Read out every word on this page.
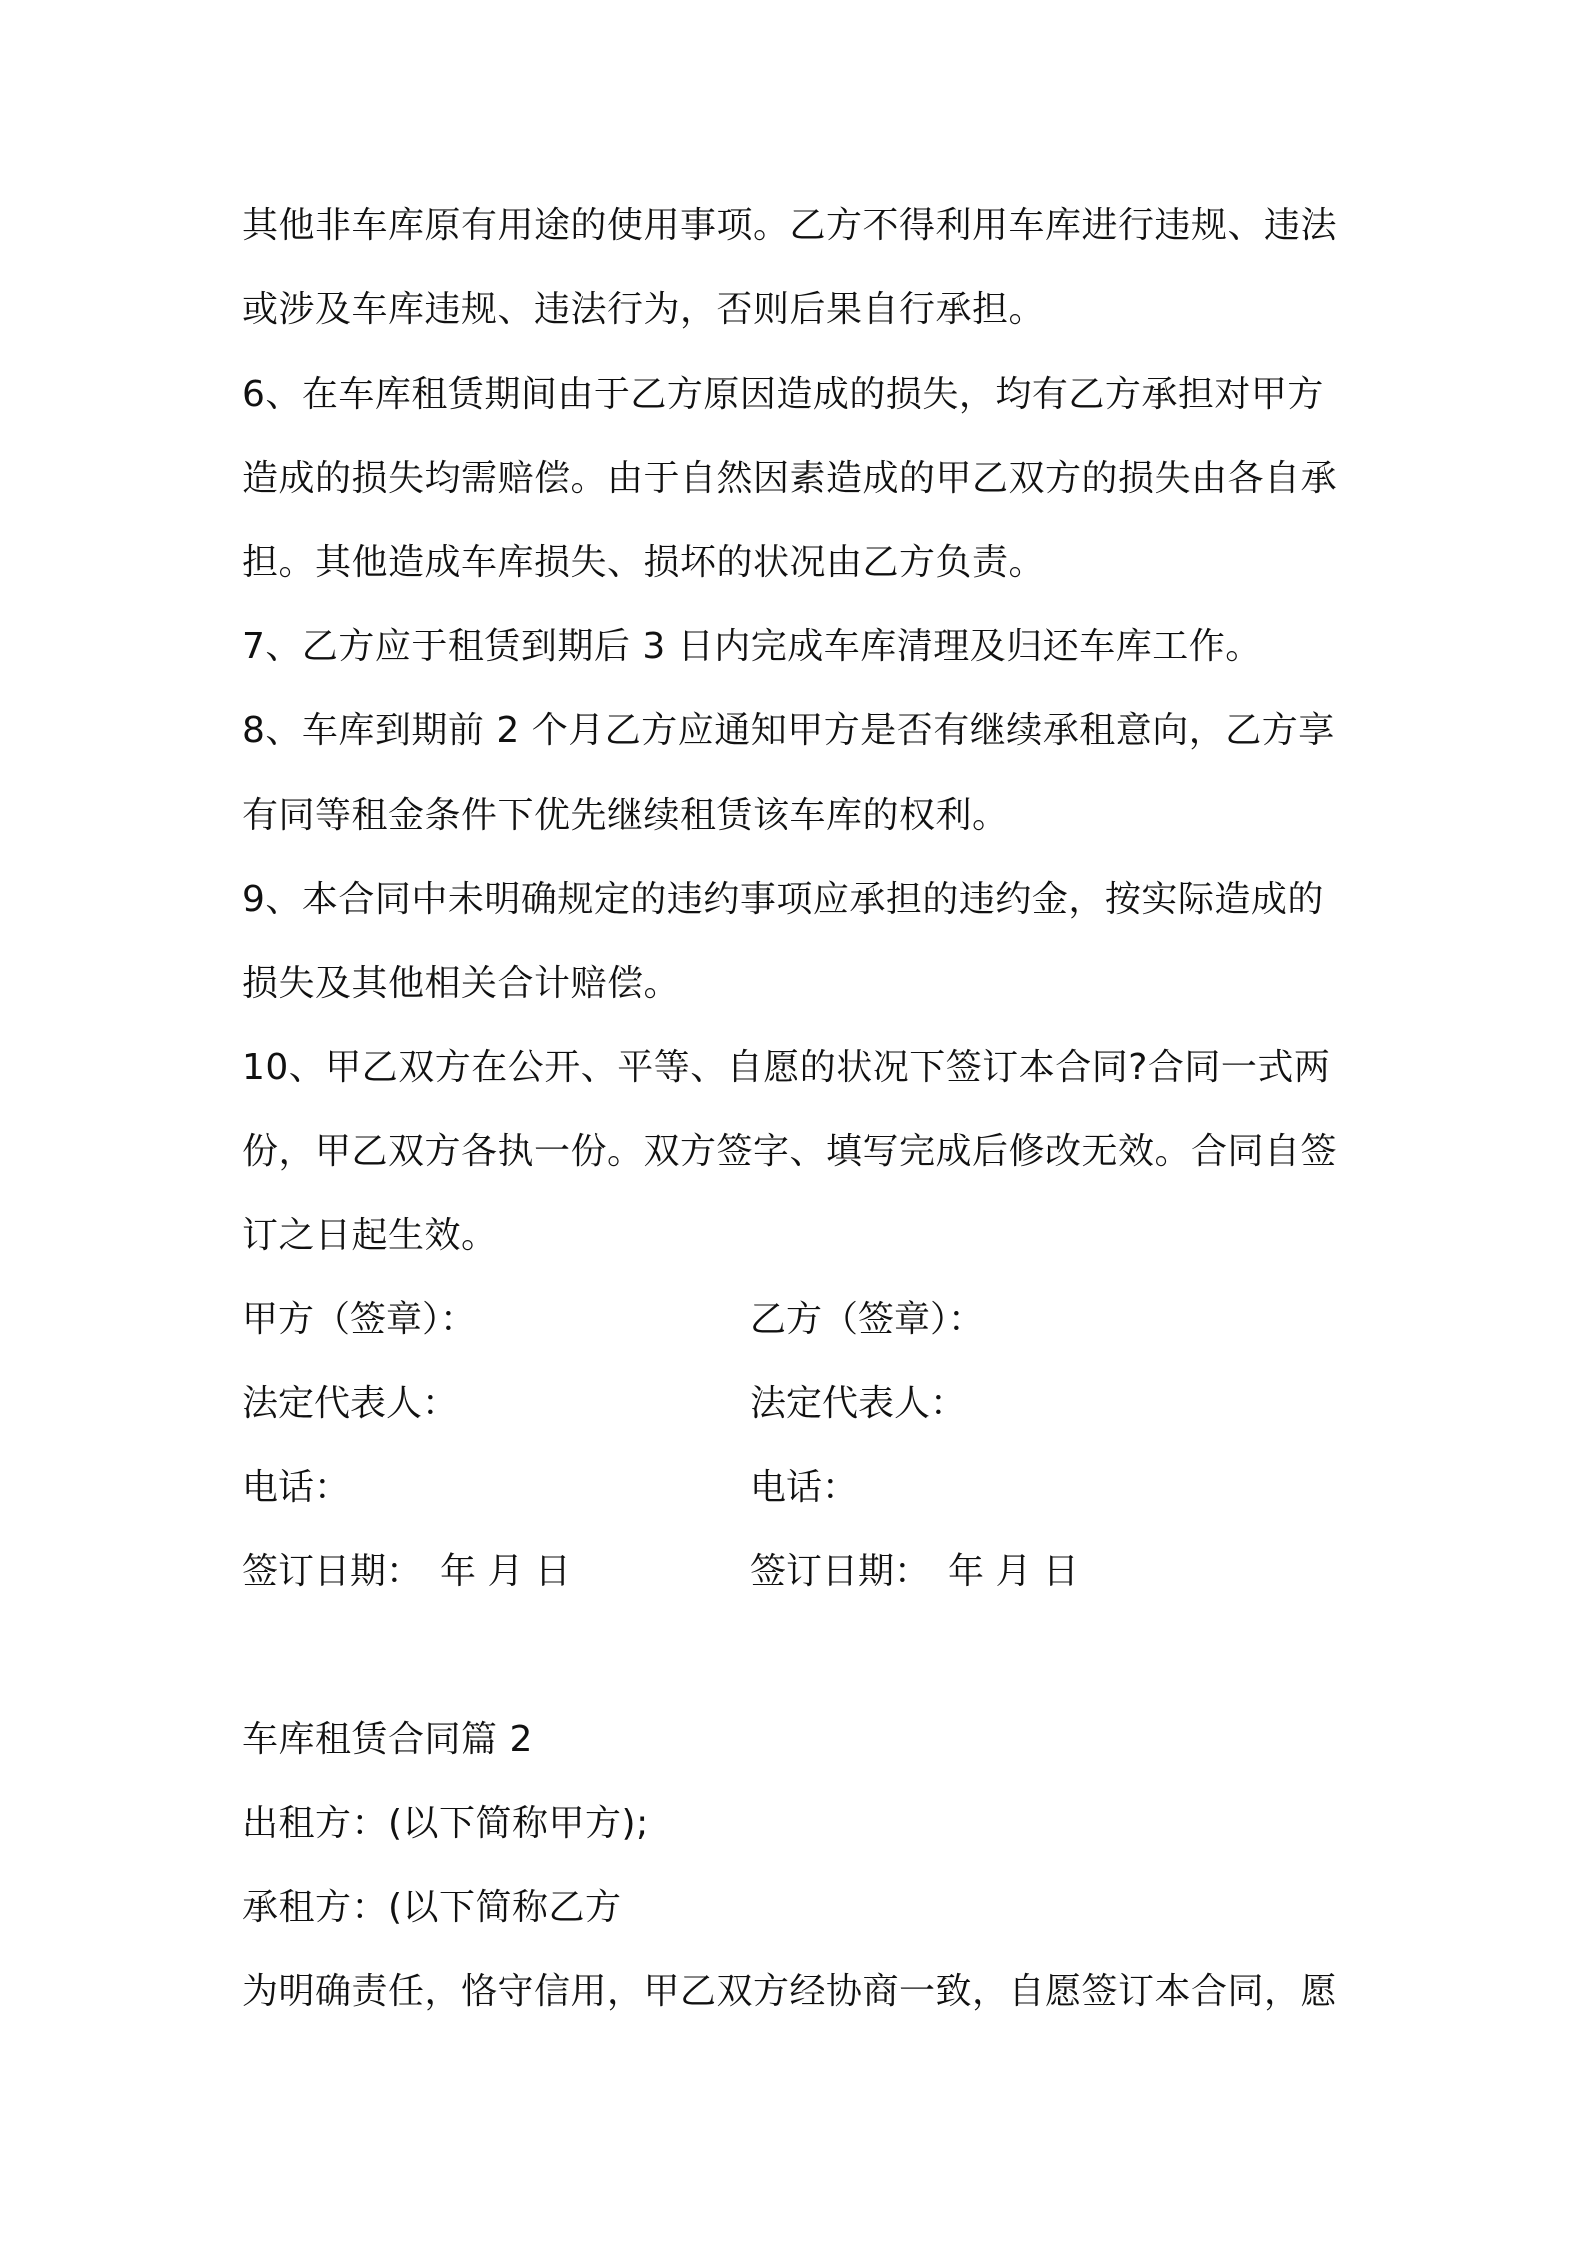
其他非车库原有用途的使用事项。乙方不得利用车库进行违规、违法
或涉及车库违规、违法行为，否则后果自行承担。
6、在车库租赁期间由于乙方原因造成的损失，均有乙方承担对甲方
造成的损失均需赔偿。由于自然因素造成的甲乙双方的损失由各自承
担。其他造成车库损失、损坏的状况由乙方负责。
7、乙方应于租赁到期后 3 日内完成车库清理及归还车库工作。
8、车库到期前 2 个月乙方应通知甲方是否有继续承租意向，乙方享
有同等租金条件下优先继续租赁该车库的权利。
9、本合同中未明确规定的违约事项应承担的违约金，按实际造成的
损失及其他相关合计赔偿。
10、甲乙双方在公开、平等、自愿的状况下签订本合同?合同一式两
份，甲乙双方各执一份。双方签字、填写完成后修改无效。合同自签
订之日起生效。
甲方（签章）：	乙方（签章）：
法定代表人：	法定代表人：
电话：	电话：
签订日期：　年 月 日	签订日期：　年 月 日
车库租赁合同篇 2
出租方：(以下简称甲方);
承租方：(以下简称乙方
为明确责任，恪守信用，甲乙双方经协商一致，自愿签订本合同，愿
